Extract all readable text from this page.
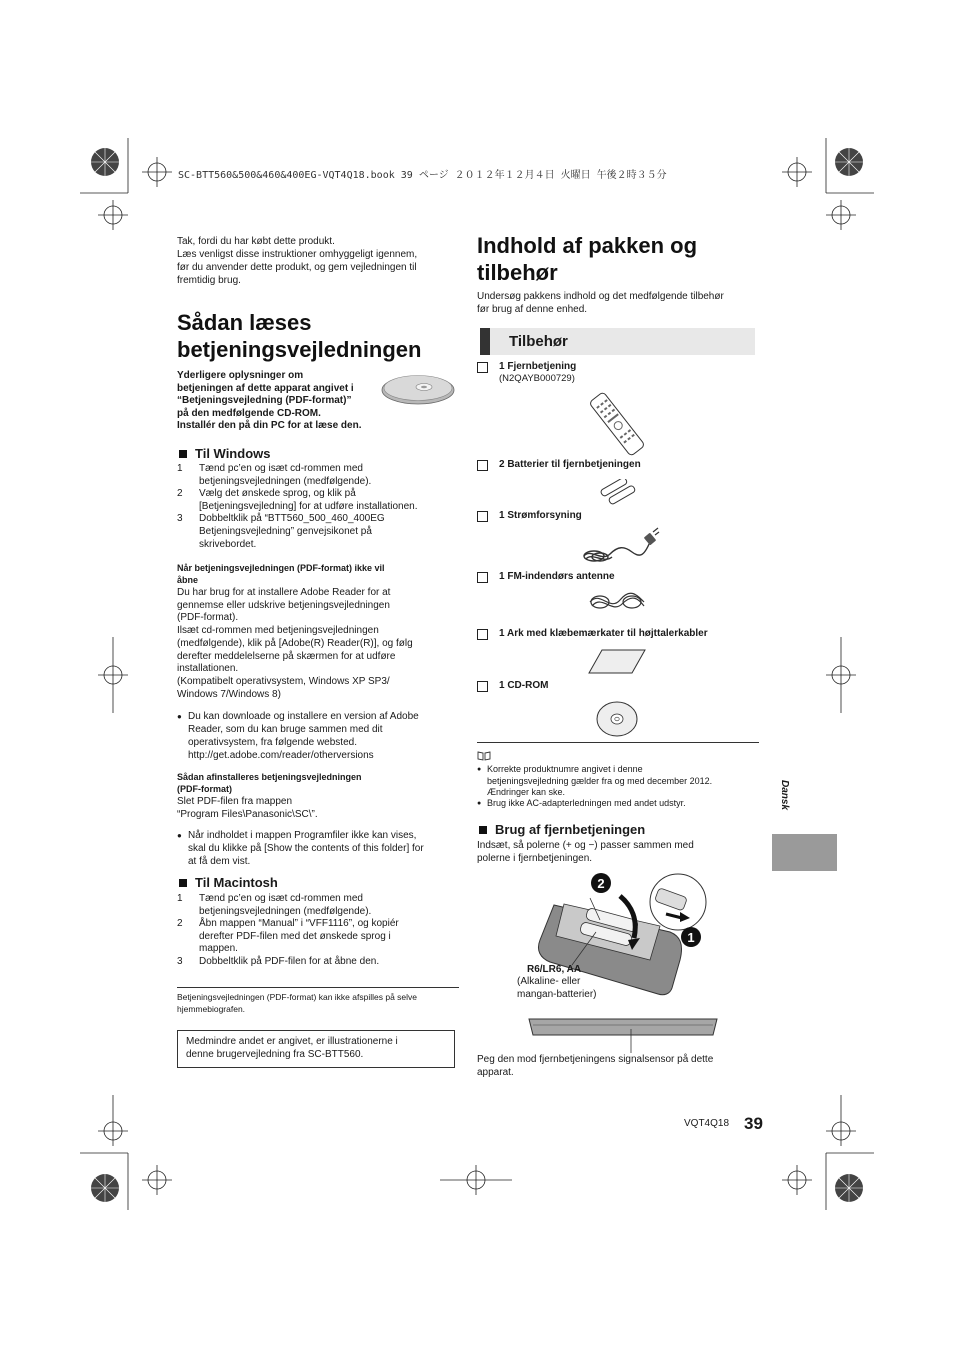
SC-BTT560&500&460&400EG-VQT4Q18.book 39 ページ ２０１２年１２月４日 火曜日 午後２時３５分
Tak, fordi du har købt dette produkt.
Læs venligst disse instruktioner omhyggeligt igennem,
før du anvender dette produkt, og gem vejledningen til
fremtidig brug.
Sådan læses
betjeningsvejledningen
Yderligere oplysninger om
betjeningen af dette apparat angivet i
“Betjeningsvejledning (PDF-format)”
på den medfølgende CD-ROM.
Installér den på din PC for at læse den.
Til Windows
1	Tænd pc’en og isæt cd-rommen med
betjeningsvejledningen (medfølgende).
2	Vælg det ønskede sprog, og klik på
[Betjeningsvejledning] for at udføre installationen.
3	Dobbeltklik på “BTT560_500_460_400EG
Betjeningsvejledning” genvejsikonet på
skrivebordet.
Når betjeningsvejledningen (PDF-format) ikke vil
åbne
Du har brug for at installere Adobe Reader for at
gennemse eller udskrive betjeningsvejledningen
(PDF-format).
Ilsæt cd-rommen med betjeningsvejledningen
(medfølgende), klik på [Adobe(R) Reader(R)], og følg
derefter meddelelserne på skærmen for at udføre
installationen.
(Kompatibelt operativsystem, Windows XP SP3/
Windows 7/Windows 8)
● Du kan downloade og installere en version af Adobe
Reader, som du kan bruge sammen med dit
operativsystem, fra følgende websted.
http://get.adobe.com/reader/otherversions
Sådan afinstalleres betjeningsvejledningen
(PDF-format)
Slet PDF-filen fra mappen
“Program Files\Panasonic\SC\”.
● Når indholdet i mappen Programfiler ikke kan vises,
skal du klikke på [Show the contents of this folder] for
at få dem vist.
Til Macintosh
1	Tænd pc’en og isæt cd-rommen med
betjeningsvejledningen (medfølgende).
2	Åbn mappen “Manual” i “VFF1116”, og kopiér
derefter PDF-filen med det ønskede sprog i
mappen.
3	Dobbeltklik på PDF-filen for at åbne den.
Betjeningsvejledningen (PDF-format) kan ikke afspilles på selve
hjemmebiografen.
Medmindre andet er angivet, er illustrationerne i
denne brugervejledning fra SC-BTT560.
Indhold af pakken og
tilbehør
Undersøg pakkens indhold og det medfølgende tilbehør
før brug af denne enhed.
Tilbehør
1 Fjernbetjening
(N2QAYB000729)
2 Batterier til fjernbetjeningen
1 Strømforsyning
1 FM-indendørs antenne
1 Ark med klæbemærkater til højttalerkabler
1 CD-ROM
● Korrekte produktnumre angivet i denne
betjeningsvejledning gælder fra og med december 2012.
Ændringer kan ske.
● Brug ikke AC-adapterledningen med andet udstyr.
Brug af fjernbetjeningen
Indsæt, så polerne (+ og −) passer sammen med
polerne i fjernbetjeningen.
2
1
R6/LR6, AA
(Alkaline- eller
mangan-batterier)
Peg den mod fjernbetjeningens signalsensor på dette
apparat.
Dansk
VQT4Q18 39
